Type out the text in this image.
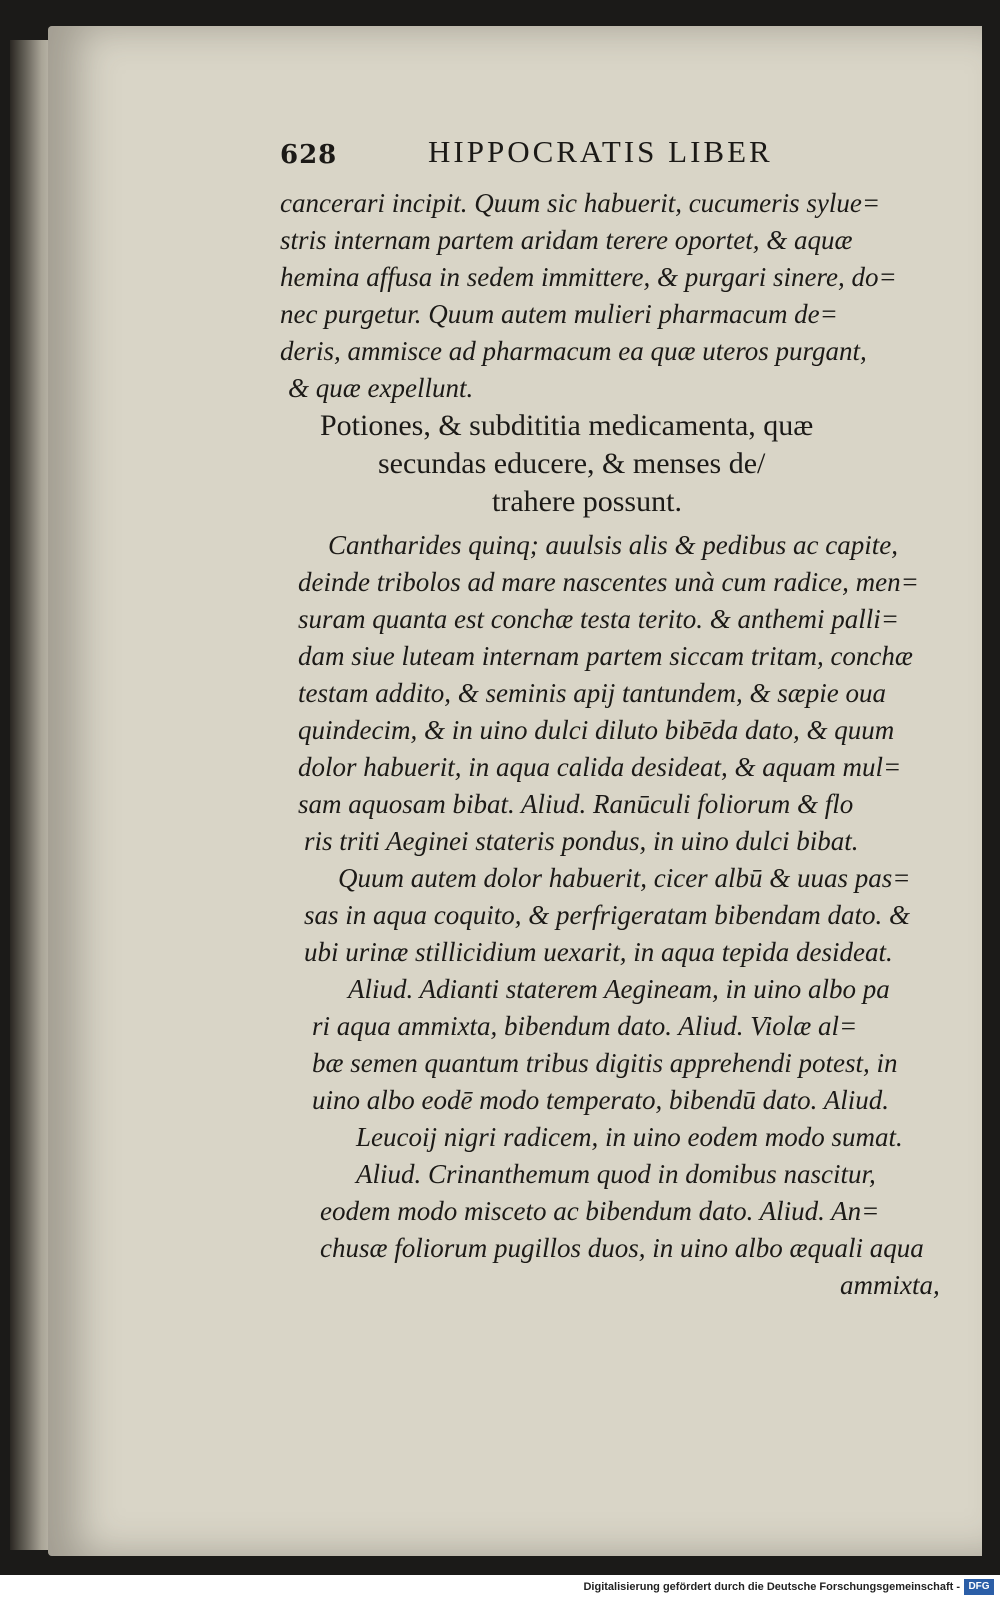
628	HIPPOCRATIS LIBER

cancerari incipit. Quum sic habuerit, cucumeris sylue=

stris internam partem aridam terere oportet, & aquæ

hemina affusa in sedem immittere, & purgari sinere, do=

nec purgetur. Quum autem mulieri pharmacum de=

deris, ammisce ad pharmacum ea quæ uteros purgant,

& quæ expellunt.

Potiones, & subdititia medicamenta, quæ

secundas educere, & menses de/

trahere possunt.

Cantharides quinq; auulsis alis & pedibus ac capite,

deinde tribolos ad mare nascentes unà cum radice, men=

suram quanta est conchæ testa terito. & anthemi palli=

dam siue luteam internam partem siccam tritam, conchæ

testam addito, & seminis apij tantundem, & sæpie oua

quindecim, & in uino dulci diluto bibēda dato, & quum

dolor habuerit, in aqua calida desideat, & aquam mul=

sam aquosam bibat. Aliud. Ranūculi foliorum & flo

ris triti Aeginei stateris pondus, in uino dulci bibat.

Quum autem dolor habuerit, cicer albū & uuas pas=

sas in aqua coquito, & perfrigeratam bibendam dato. &

ubi urinæ stillicidium uexarit, in aqua tepida desideat.

Aliud. Adianti staterem Aegineam, in uino albo pa

ri aqua ammixta, bibendum dato. Aliud. Violæ al=

bæ semen quantum tribus digitis apprehendi potest, in

uino albo eodē modo temperato, bibendū dato. Aliud.

Leucoij nigri radicem, in uino eodem modo sumat.

Aliud. Crinanthemum quod in domibus nascitur,

eodem modo misceto ac bibendum dato. Aliud. An=

chusæ foliorum pugillos duos, in uino albo æquali aqua

ammixta,

Digitalisierung gefördert durch die Deutsche Forschungsgemeinschaft - DFG
